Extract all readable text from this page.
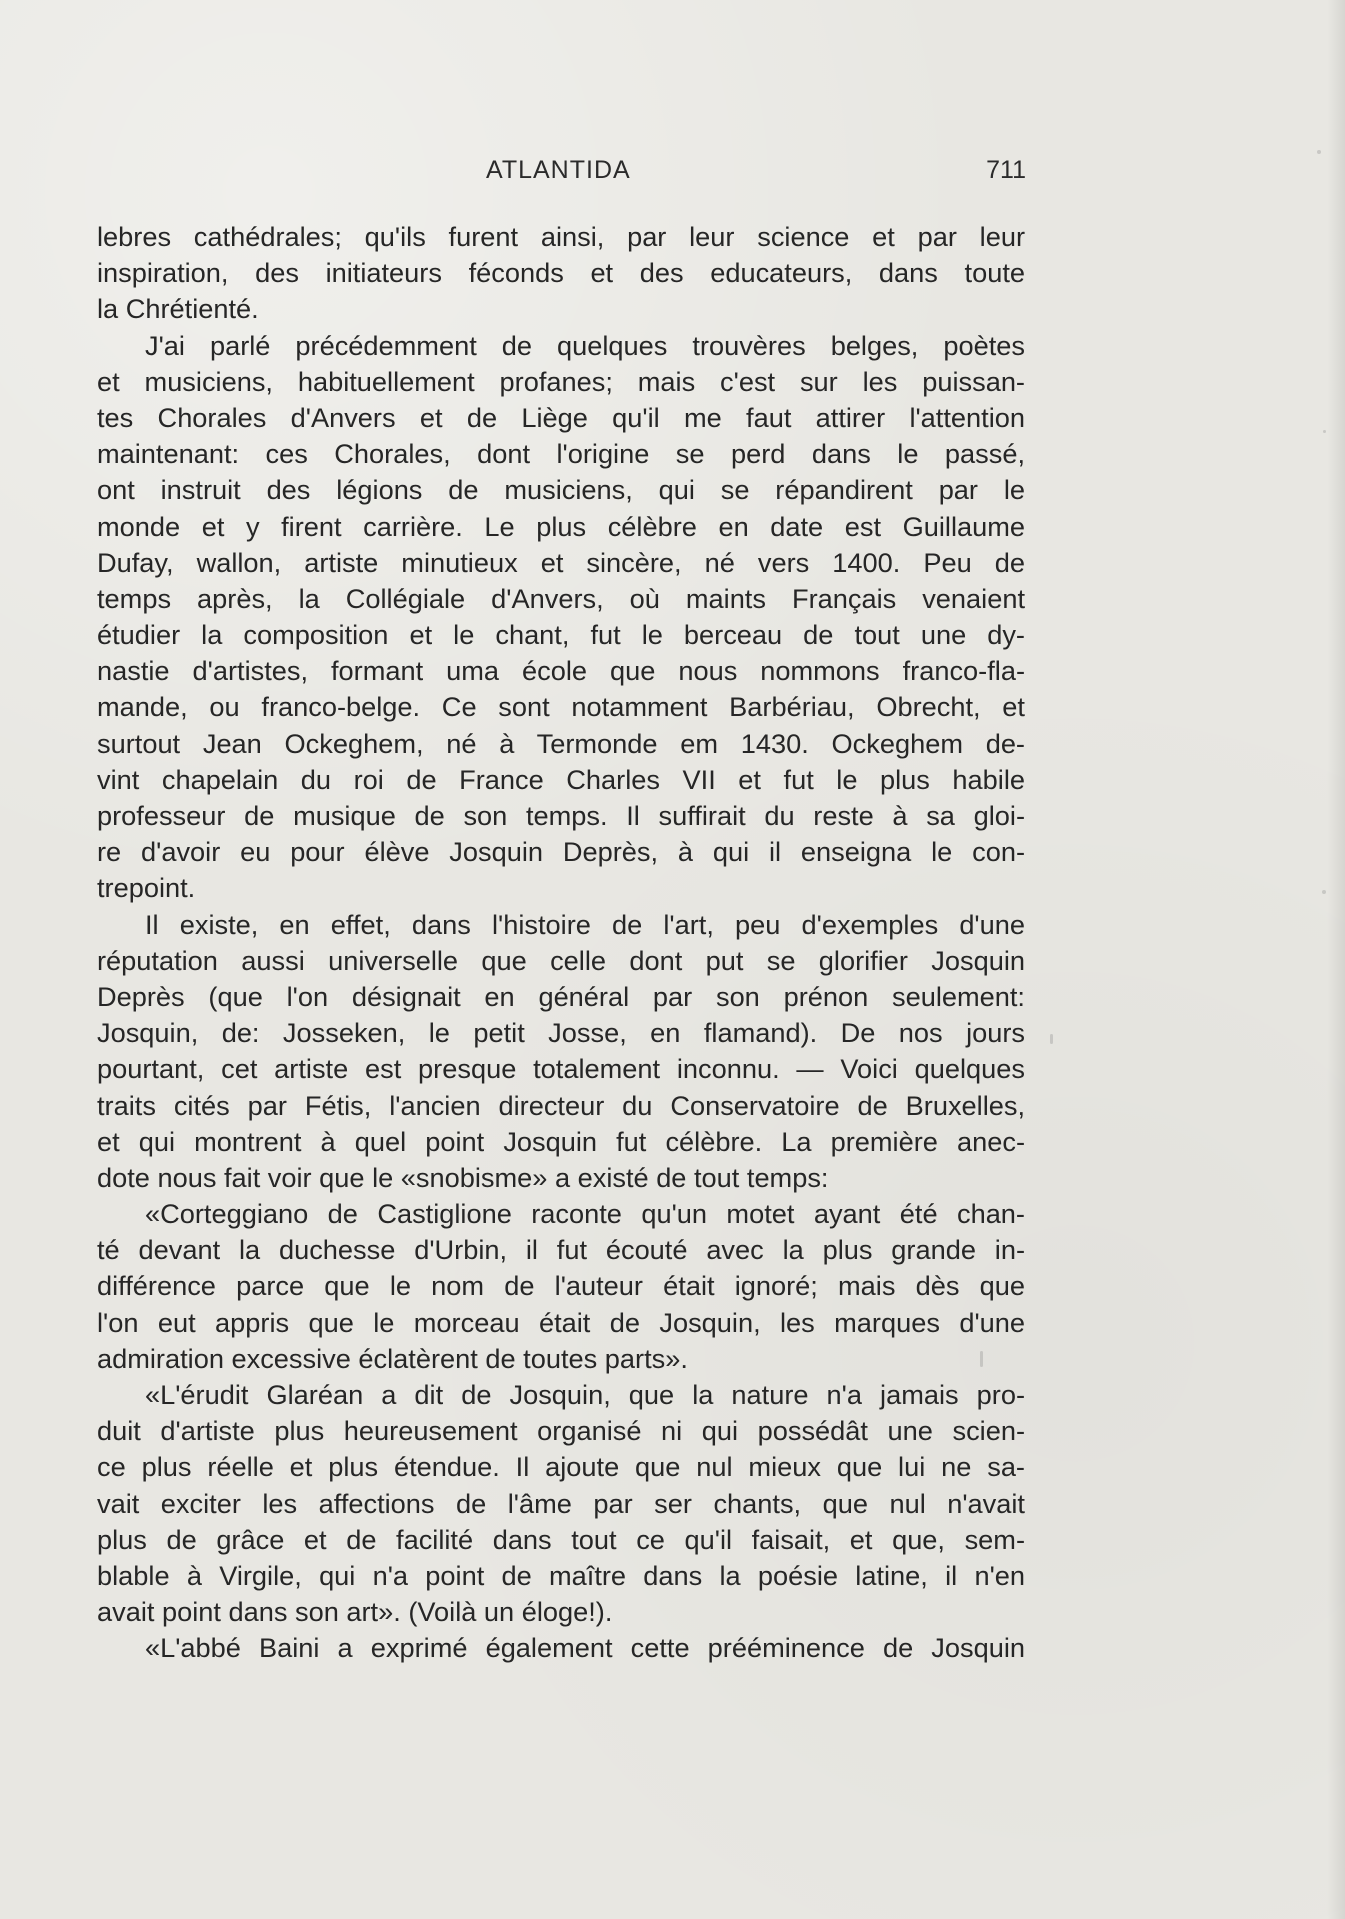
ATLANTIDA	711
lebres cathédrales; qu'ils furent ainsi, par leur science et par leur
inspiration, des initiateurs féconds et des educateurs, dans toute
la Chrétienté.
J'ai parlé précédemment de quelques trouvères belges, poètes
et musiciens, habituellement profanes; mais c'est sur les puissan-
tes Chorales d'Anvers et de Liège qu'il me faut attirer l'attention
maintenant: ces Chorales, dont l'origine se perd dans le passé,
ont instruit des légions de musiciens, qui se répandirent par le
monde et y firent carrière. Le plus célèbre en date est Guillaume
Dufay, wallon, artiste minutieux et sincère, né vers 1400. Peu de
temps après, la Collégiale d'Anvers, où maints Français venaient
étudier la composition et le chant, fut le berceau de tout une dy-
nastie d'artistes, formant uma école que nous nommons franco-fla-
mande, ou franco-belge. Ce sont notamment Barbériau, Obrecht, et
surtout Jean Ockeghem, né à Termonde em 1430. Ockeghem de-
vint chapelain du roi de France Charles VII et fut le plus habile
professeur de musique de son temps. Il suffirait du reste à sa gloi-
re d'avoir eu pour élève Josquin Deprès, à qui il enseigna le con-
trepoint.
Il existe, en effet, dans l'histoire de l'art, peu d'exemples d'une
réputation aussi universelle que celle dont put se glorifier Josquin
Deprès (que l'on désignait en général par son prénon seulement:
Josquin, de: Josseken, le petit Josse, en flamand). De nos jours
pourtant, cet artiste est presque totalement inconnu. — Voici quelques
traits cités par Fétis, l'ancien directeur du Conservatoire de Bruxelles,
et qui montrent à quel point Josquin fut célèbre. La première anec-
dote nous fait voir que le «snobisme» a existé de tout temps:
«Corteggiano de Castiglione raconte qu'un motet ayant été chan-
té devant la duchesse d'Urbin, il fut écouté avec la plus grande in-
différence parce que le nom de l'auteur était ignoré; mais dès que
l'on eut appris que le morceau était de Josquin, les marques d'une
admiration excessive éclatèrent de toutes parts».
«L'érudit Glaréan a dit de Josquin, que la nature n'a jamais pro-
duit d'artiste plus heureusement organisé ni qui possédât une scien-
ce plus réelle et plus étendue. Il ajoute que nul mieux que lui ne sa-
vait exciter les affections de l'âme par ser chants, que nul n'avait
plus de grâce et de facilité dans tout ce qu'il faisait, et que, sem-
blable à Virgile, qui n'a point de maître dans la poésie latine, il n'en
avait point dans son art». (Voilà un éloge!).
«L'abbé Baini a exprimé également cette prééminence de Josquin
